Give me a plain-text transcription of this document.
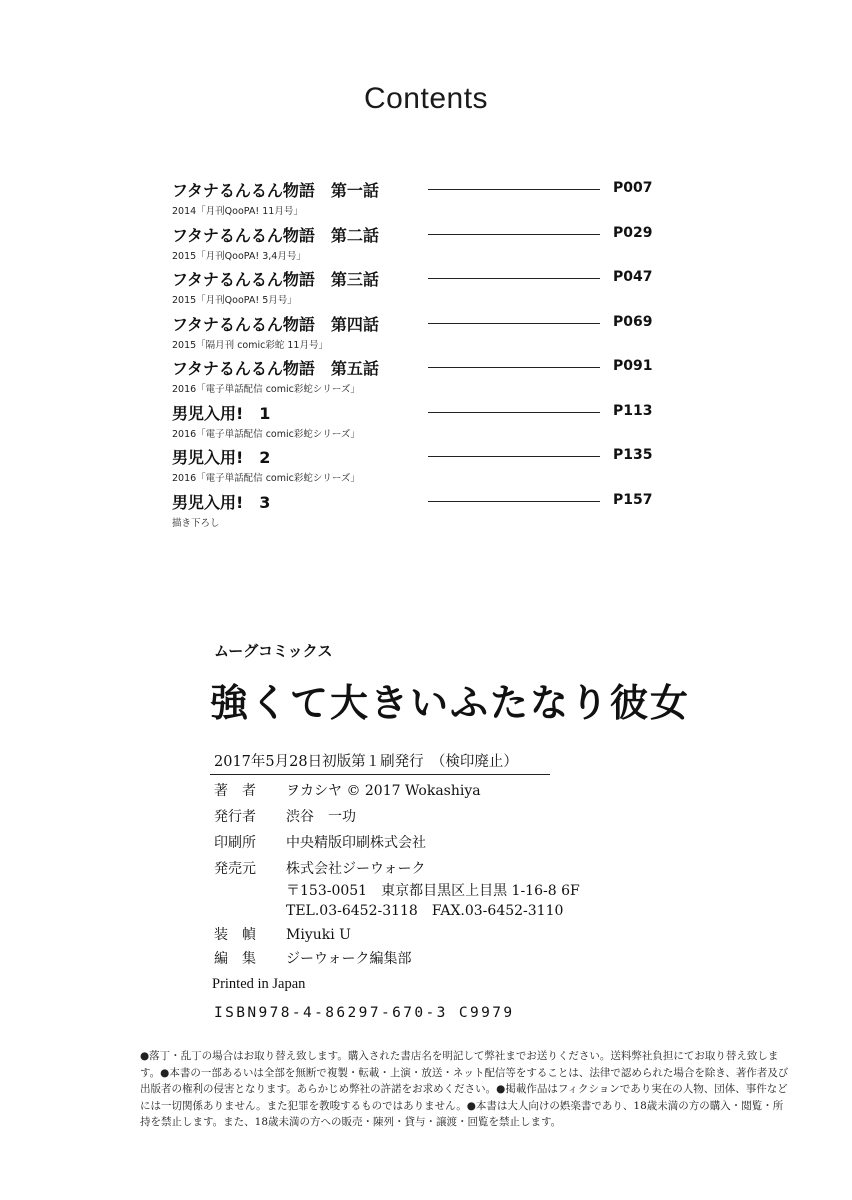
Contents
フタナるんるん物語　第一話
2014「月刊QooPA! 11月号」
P007
フタナるんるん物語　第二話
2015「月刊QooPA! 3,4月号」
P029
フタナるんるん物語　第三話
2015「月刊QooPA! 5月号」
P047
フタナるんるん物語　第四話
2015「隔月刊 comic彩蛇 11月号」
P069
フタナるんるん物語　第五話
2016「電子単話配信 comic彩蛇シリーズ」
P091
男児入用!　1
2016「電子単話配信 comic彩蛇シリーズ」
P113
男児入用!　2
2016「電子単話配信 comic彩蛇シリーズ」
P135
男児入用!　3
描き下ろし
P157
ムーグコミックス
強くて大きいふたなり彼女
2017年5月28日初版第１刷発行　（検印廃止）
著者 ヲカシヤ © 2017 Wokashiya
発行者 渋谷　一功
印刷所 中央精版印刷株式会社
発売元 株式会社ジーウォーク
〒153-0051　東京都目黒区上目黒 1-16-8 6F
TEL.03-6452-3118　FAX.03-6452-3110
装幀 Miyuki U
編集 ジーウォーク編集部
Printed in Japan
ISBN978-4-86297-670-3 C9979
●落丁・乱丁の場合はお取り替え致します。購入された書店名を明記して弊社までお送りください。送料弊社負担にてお取り替え致しま
す。●本書の一部あるいは全部を無断で複製・転載・上演・放送・ネット配信等をすることは、法律で認められた場合を除き、著作者及び
出版者の権利の侵害となります。あらかじめ弊社の許諾をお求めください。●掲載作品はフィクションであり実在の人物、団体、事件など
には一切関係ありません。また犯罪を教唆するものではありません。●本書は大人向けの娯楽書であり、18歳未満の方の購入・閲覧・所
持を禁止します。また、18歳未満の方への販売・陳列・貸与・譲渡・回覧を禁止します。
